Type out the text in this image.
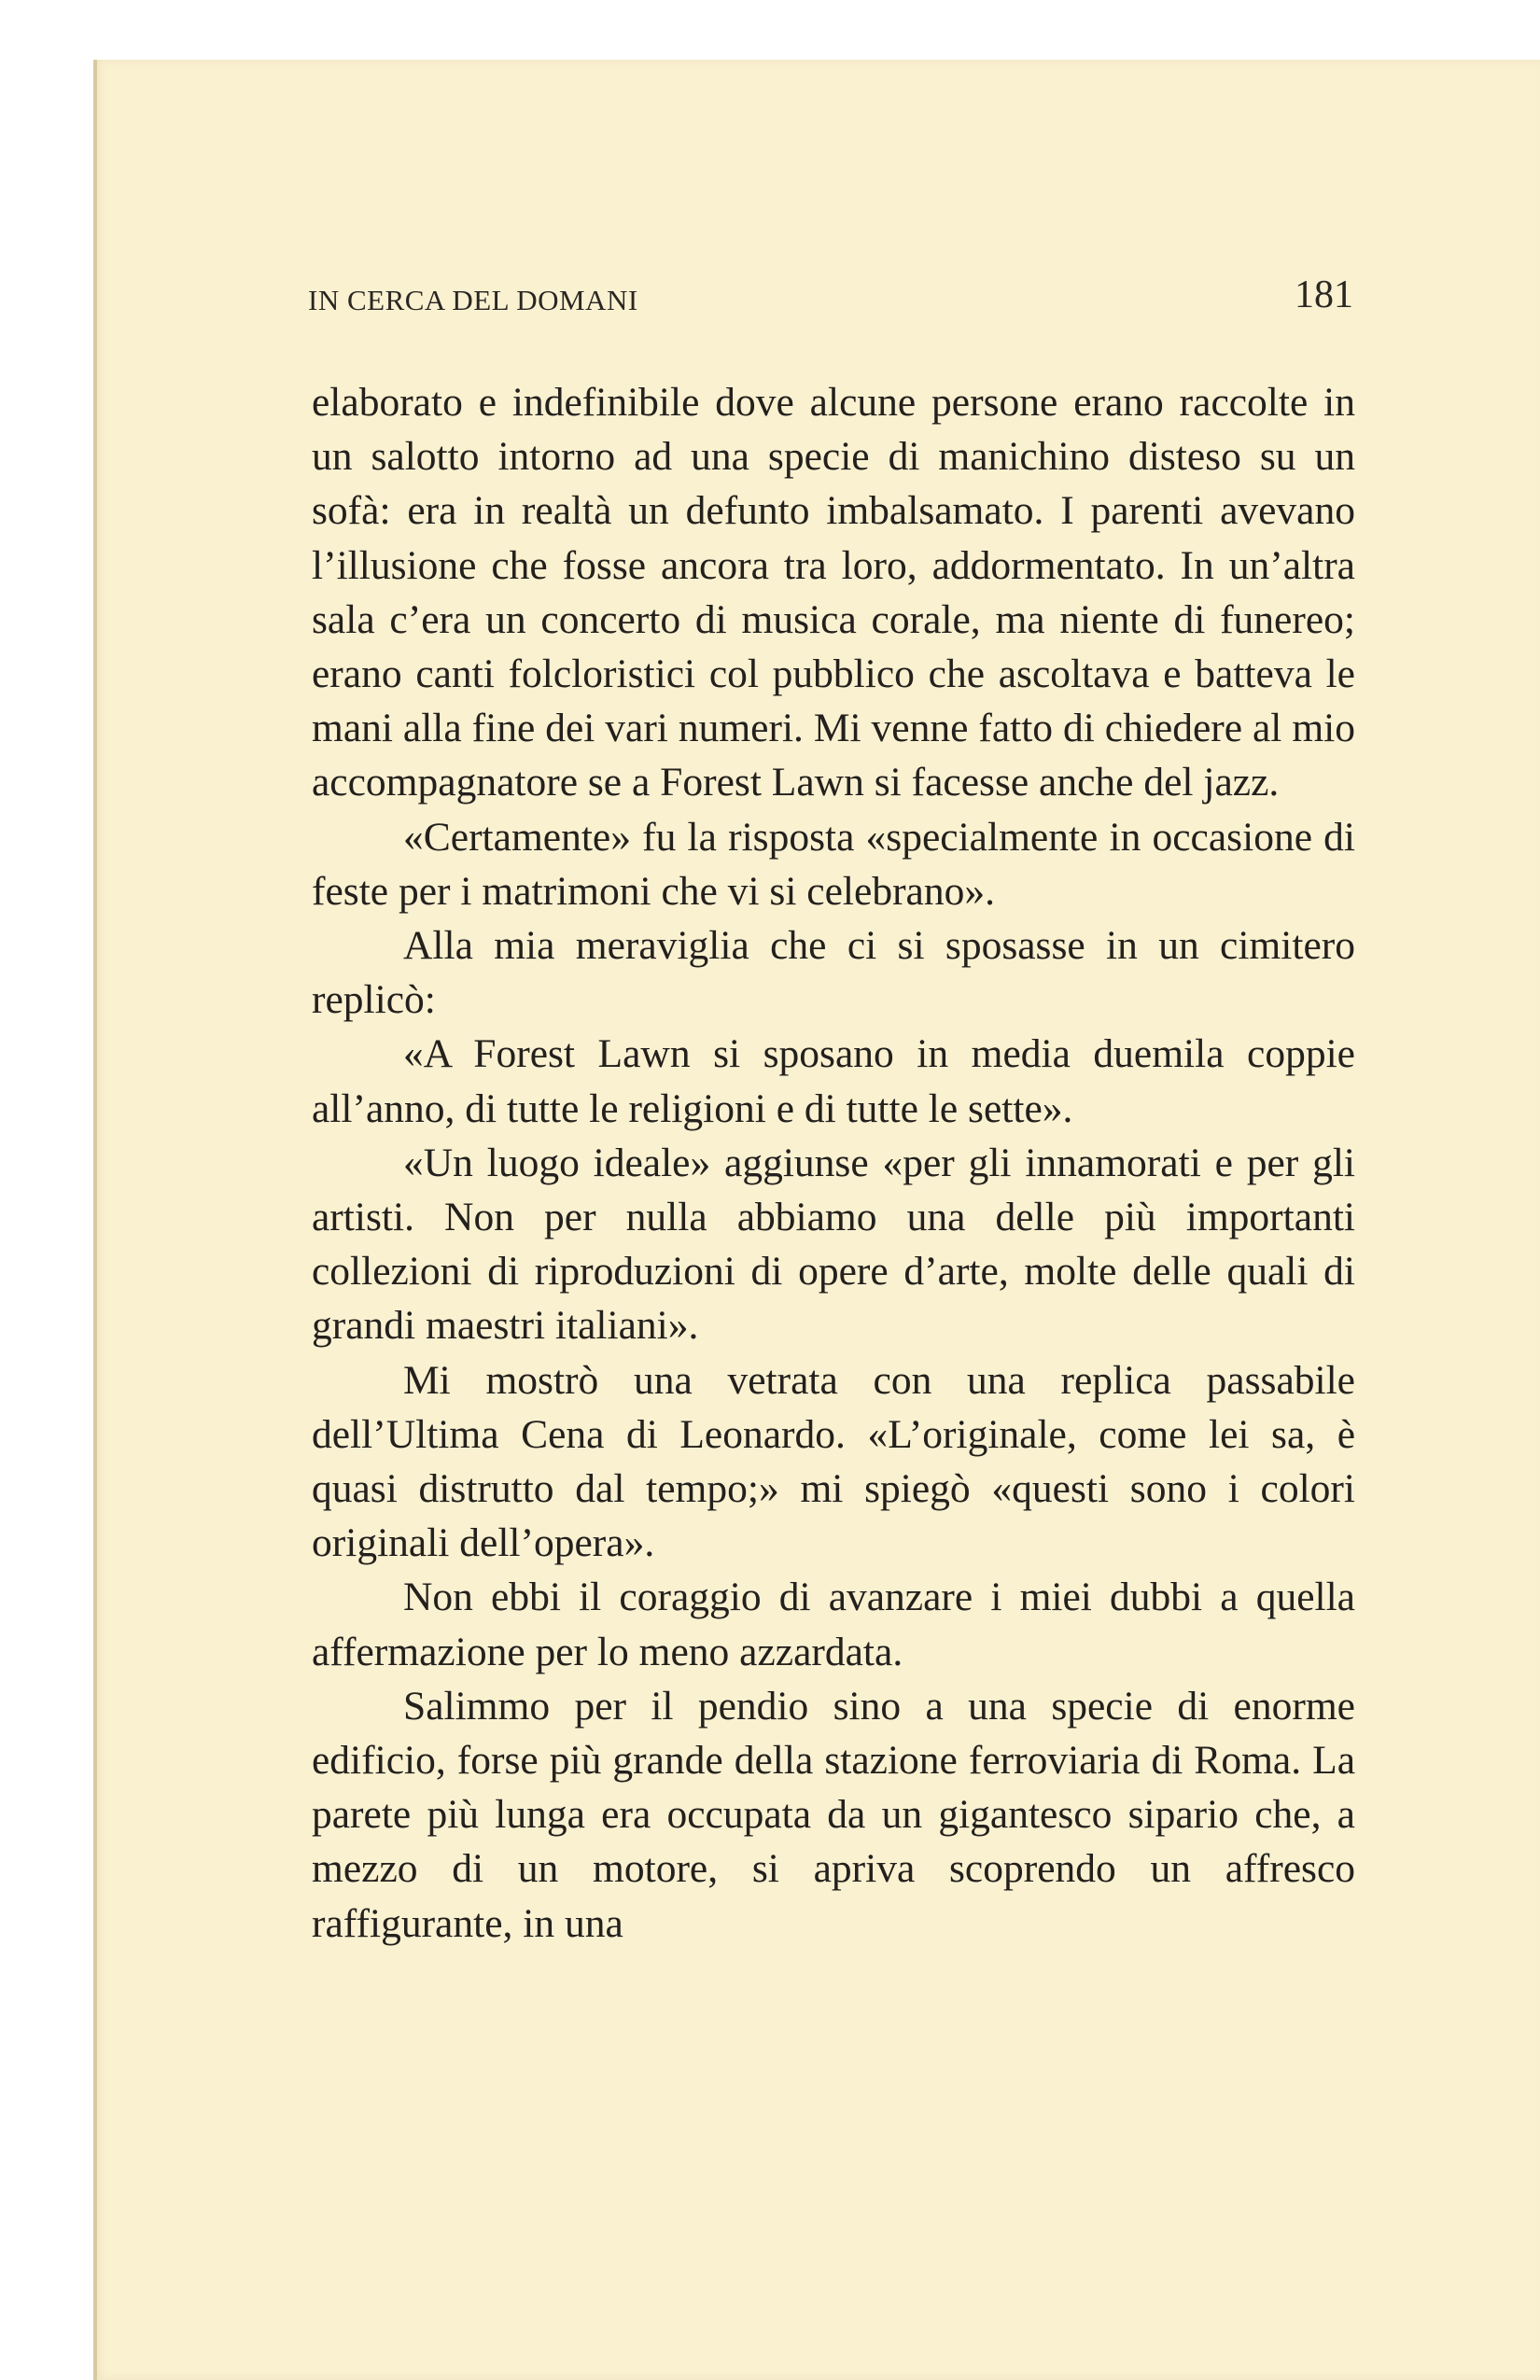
IN CERCA DEL DOMANI	181

elaborato e indefinibile dove alcune persone erano raccolte in un salotto intorno ad una specie di manichino disteso su un sofà: era in realtà un defunto imbalsamato. I parenti avevano l’illusione che fosse ancora tra loro, addormentato. In un’altra sala c’era un concerto di musica corale, ma niente di funereo; erano canti folcloristici col pubblico che ascoltava e batteva le mani alla fine dei vari numeri. Mi venne fatto di chiedere al mio accompagnatore se a Forest Lawn si facesse anche del jazz.

«Certamente» fu la risposta «specialmente in occasione di feste per i matrimoni che vi si celebrano».

Alla mia meraviglia che ci si sposasse in un cimitero replicò:

«A Forest Lawn si sposano in media duemila coppie all’anno, di tutte le religioni e di tutte le sette».

«Un luogo ideale» aggiunse «per gli innamorati e per gli artisti. Non per nulla abbiamo una delle più importanti collezioni di riproduzioni di opere d’arte, molte delle quali di grandi maestri italiani».

Mi mostrò una vetrata con una replica passabile dell’Ultima Cena di Leonardo. «L’originale, come lei sa, è quasi distrutto dal tempo;» mi spiegò «questi sono i colori originali dell’opera».

Non ebbi il coraggio di avanzare i miei dubbi a quella affermazione per lo meno azzardata.

Salimmo per il pendio sino a una specie di enorme edificio, forse più grande della stazione ferroviaria di Roma. La parete più lunga era occupata da un gigantesco sipario che, a mezzo di un motore, si apriva scoprendo un affresco raffigurante, in una
